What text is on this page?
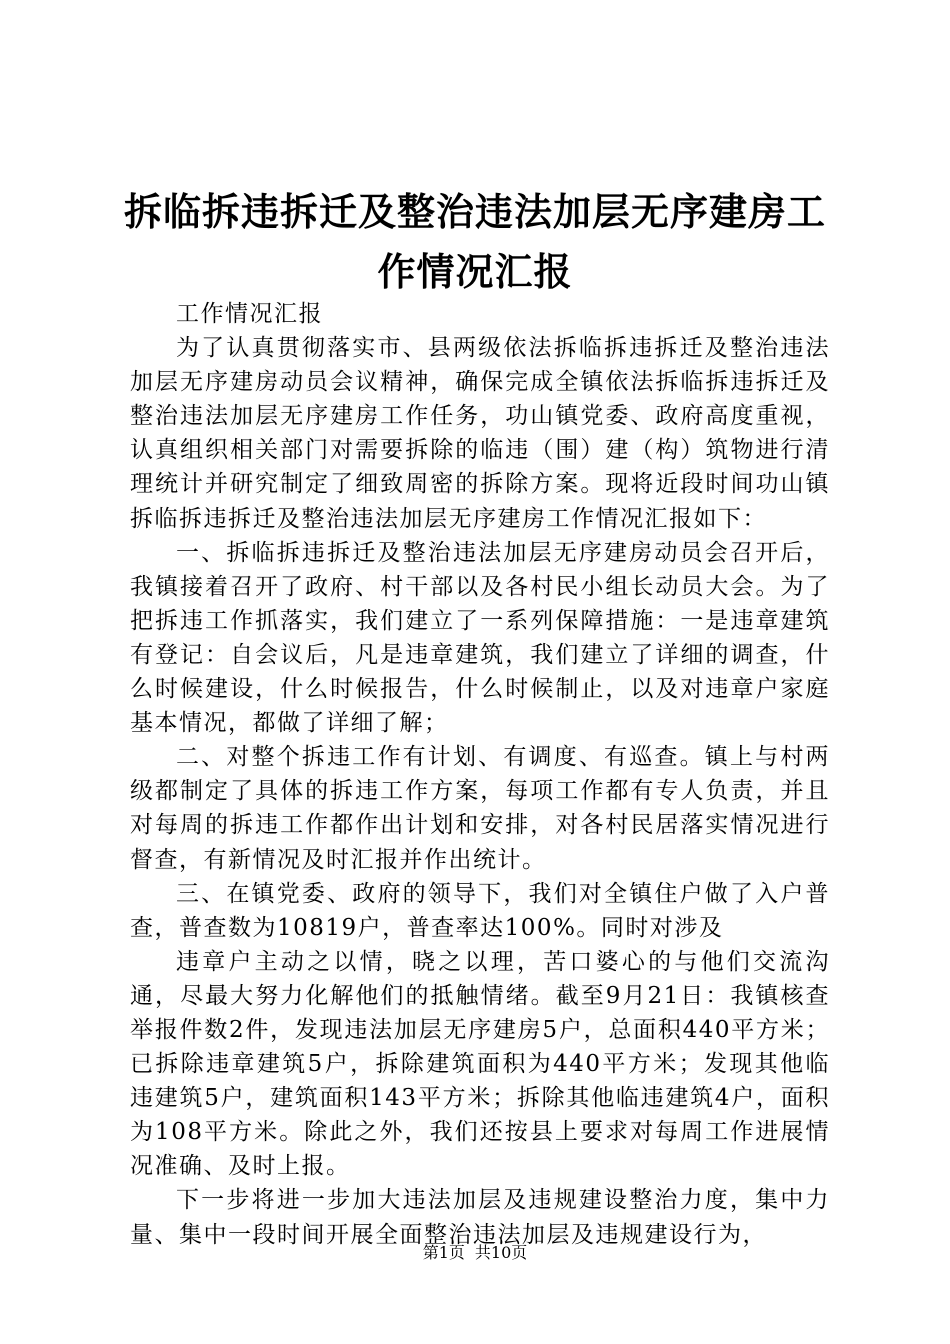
拆临拆违拆迁及整治违法加层无序建房工作情况汇报

工作情况汇报

为了认真贯彻落实市、县两级依法拆临拆违拆迁及整治违法加层无序建房动员会议精神，确保完成全镇依法拆临拆违拆迁及整治违法加层无序建房工作任务，功山镇党委、政府高度重视，认真组织相关部门对需要拆除的临违（围）建（构）筑物进行清理统计并研究制定了细致周密的拆除方案。现将近段时间功山镇拆临拆违拆迁及整治违法加层无序建房工作情况汇报如下：

一、拆临拆违拆迁及整治违法加层无序建房动员会召开后，我镇接着召开了政府、村干部以及各村民小组长动员大会。为了把拆违工作抓落实，我们建立了一系列保障措施：一是违章建筑有登记：自会议后，凡是违章建筑，我们建立了详细的调查，什么时候建设，什么时候报告，什么时候制止，以及对违章户家庭基本情况，都做了详细了解；

二、对整个拆违工作有计划、有调度、有巡查。镇上与村两级都制定了具体的拆违工作方案，每项工作都有专人负责，并且对每周的拆违工作都作出计划和安排，对各村民居落实情况进行督查，有新情况及时汇报并作出统计。

三、在镇党委、政府的领导下，我们对全镇住户做了入户普查，普查数为10819户，普查率达100%。同时对涉及

违章户主动之以情，晓之以理，苦口婆心的与他们交流沟通，尽最大努力化解他们的抵触情绪。截至9月21日：我镇核查举报件数2件，发现违法加层无序建房5户，总面积440平方米；已拆除违章建筑5户，拆除建筑面积为440平方米；发现其他临违建筑5户，建筑面积143平方米；拆除其他临违建筑4户，面积为108平方米。除此之外，我们还按县上要求对每周工作进展情况准确、及时上报。

下一步将进一步加大违法加层及违规建设整治力度，集中力量、集中一段时间开展全面整治违法加层及违规建设行为，

第1页 共10页
